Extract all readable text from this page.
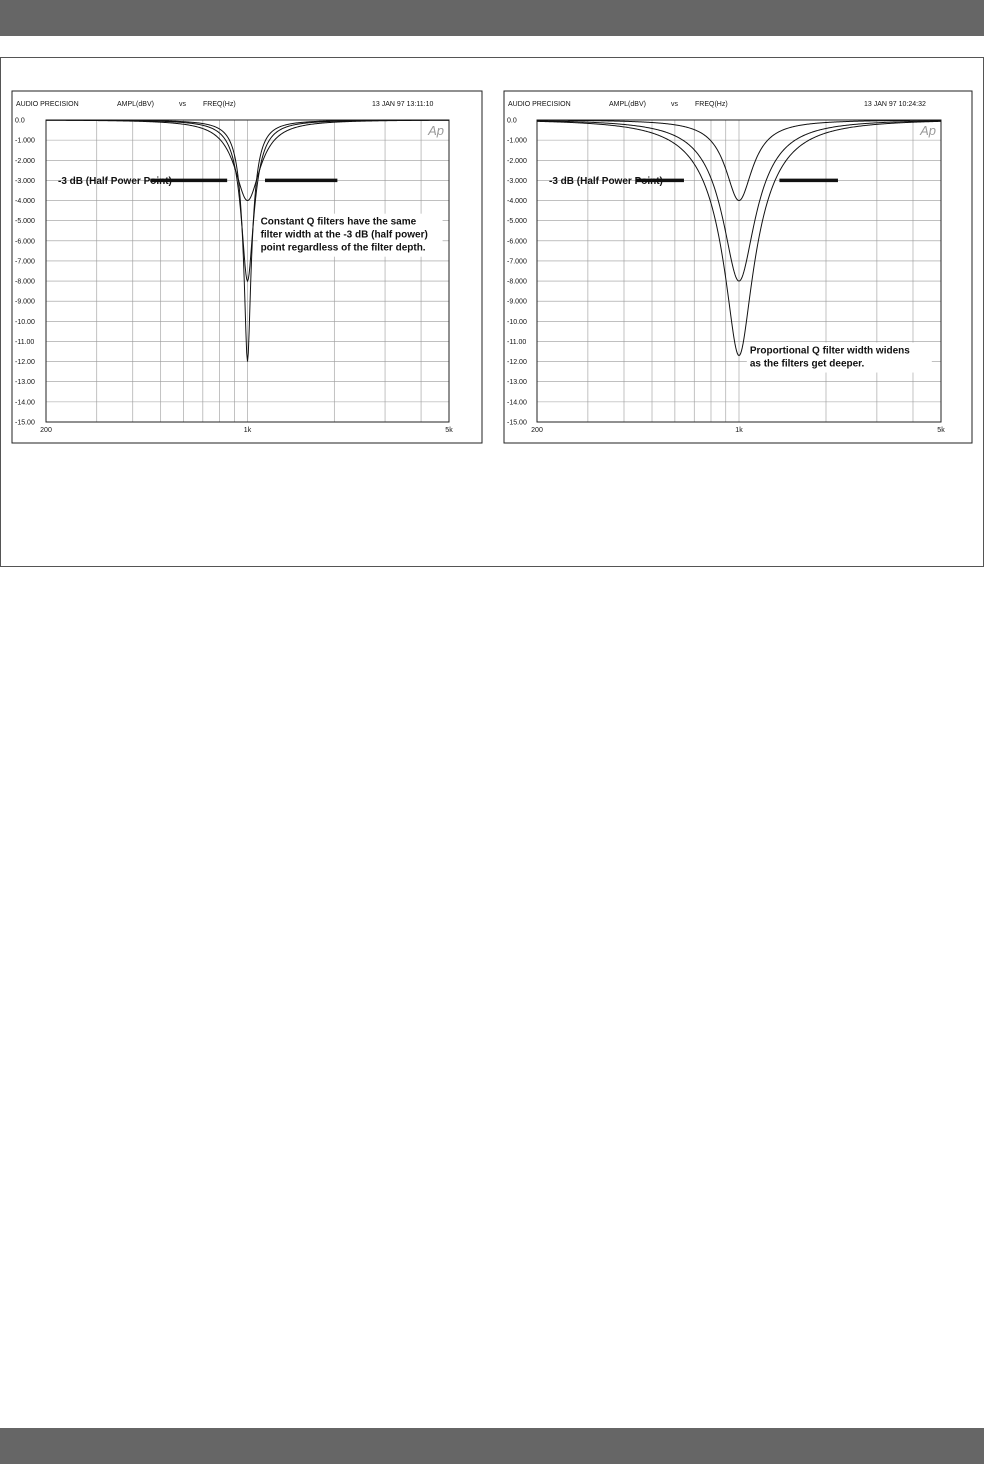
AUDIO PRECISION	AMPL(dBV)	vs FREQ(Hz)	13 JAN 97 13:11:10
0.0
-1.000
-2.000
-3.000
-4.000
-5.000
-6.000
-7.000
-8.000
-9.000
-10.00
-11.00
-12.00
-13.00
-14.00
-15.00
200	1k	5k
Ap
-3 dB (Half Power Point)
Constant Q filters have the same
filter width at the -3 dB (half power)
point regardless of the filter depth.
AUDIO PRECISION	AMPL(dBV)	vs FREQ(Hz)	13 JAN 97 10:24:32
0.0
-1.000
-2.000
-3.000
-4.000
-5.000
-6.000
-7.000
-8.000
-9.000
-10.00
-11.00
-12.00
-13.00
-14.00
-15.00
200	1k	5k
Ap
-3 dB (Half Power Point)
Proportional Q filter width widens
as the filters get deeper.
